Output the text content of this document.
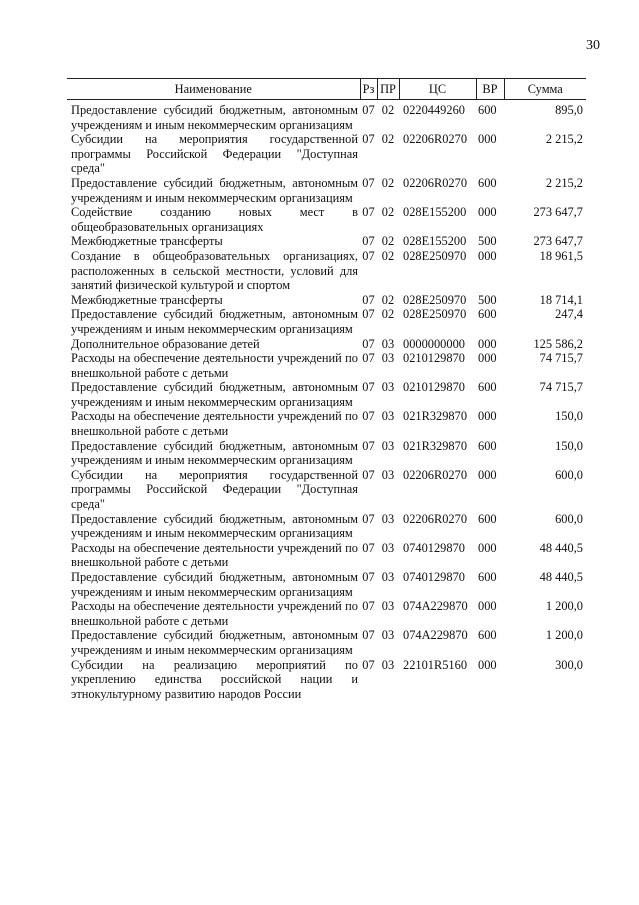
30
Наименование	Рз	ПР	ЦС	ВР	Сумма
Предоставление субсидий бюджетным, автономным учреждениям и иным некоммерческим организациям	07	02	0220449260	600	895,0
Субсидии на мероприятия государственной программы Российской Федерации "Доступная среда"	07	02	02206R0270	000	2 215,2
Предоставление субсидий бюджетным, автономным учреждениям и иным некоммерческим организациям	07	02	02206R0270	600	2 215,2
Содействие созданию новых мест в общеобразовательных организациях	07	02	028E155200	000	273 647,7
Межбюджетные трансферты	07	02	028E155200	500	273 647,7
Создание в общеобразовательных организациях, расположенных в сельской местности, условий для занятий физической культурой и спортом	07	02	028E250970	000	18 961,5
Межбюджетные трансферты	07	02	028E250970	500	18 714,1
Предоставление субсидий бюджетным, автономным учреждениям и иным некоммерческим организациям	07	02	028E250970	600	247,4
Дополнительное образование детей	07	03	0000000000	000	125 586,2
Расходы на обеспечение деятельности учреждений по внешкольной работе с детьми	07	03	0210129870	000	74 715,7
Предоставление субсидий бюджетным, автономным учреждениям и иным некоммерческим организациям	07	03	0210129870	600	74 715,7
Расходы на обеспечение деятельности учреждений по внешкольной работе с детьми	07	03	021R329870	000	150,0
Предоставление субсидий бюджетным, автономным учреждениям и иным некоммерческим организациям	07	03	021R329870	600	150,0
Субсидии на мероприятия государственной программы Российской Федерации "Доступная среда"	07	03	02206R0270	000	600,0
Предоставление субсидий бюджетным, автономным учреждениям и иным некоммерческим организациям	07	03	02206R0270	600	600,0
Расходы на обеспечение деятельности учреждений по внешкольной работе с детьми	07	03	0740129870	000	48 440,5
Предоставление субсидий бюджетным, автономным учреждениям и иным некоммерческим организациям	07	03	0740129870	600	48 440,5
Расходы на обеспечение деятельности учреждений по внешкольной работе с детьми	07	03	074A229870	000	1 200,0
Предоставление субсидий бюджетным, автономным учреждениям и иным некоммерческим организациям	07	03	074A229870	600	1 200,0
Субсидии на реализацию мероприятий по укреплению единства российской нации и этнокультурному развитию народов России	07	03	22101R5160	000	300,0
